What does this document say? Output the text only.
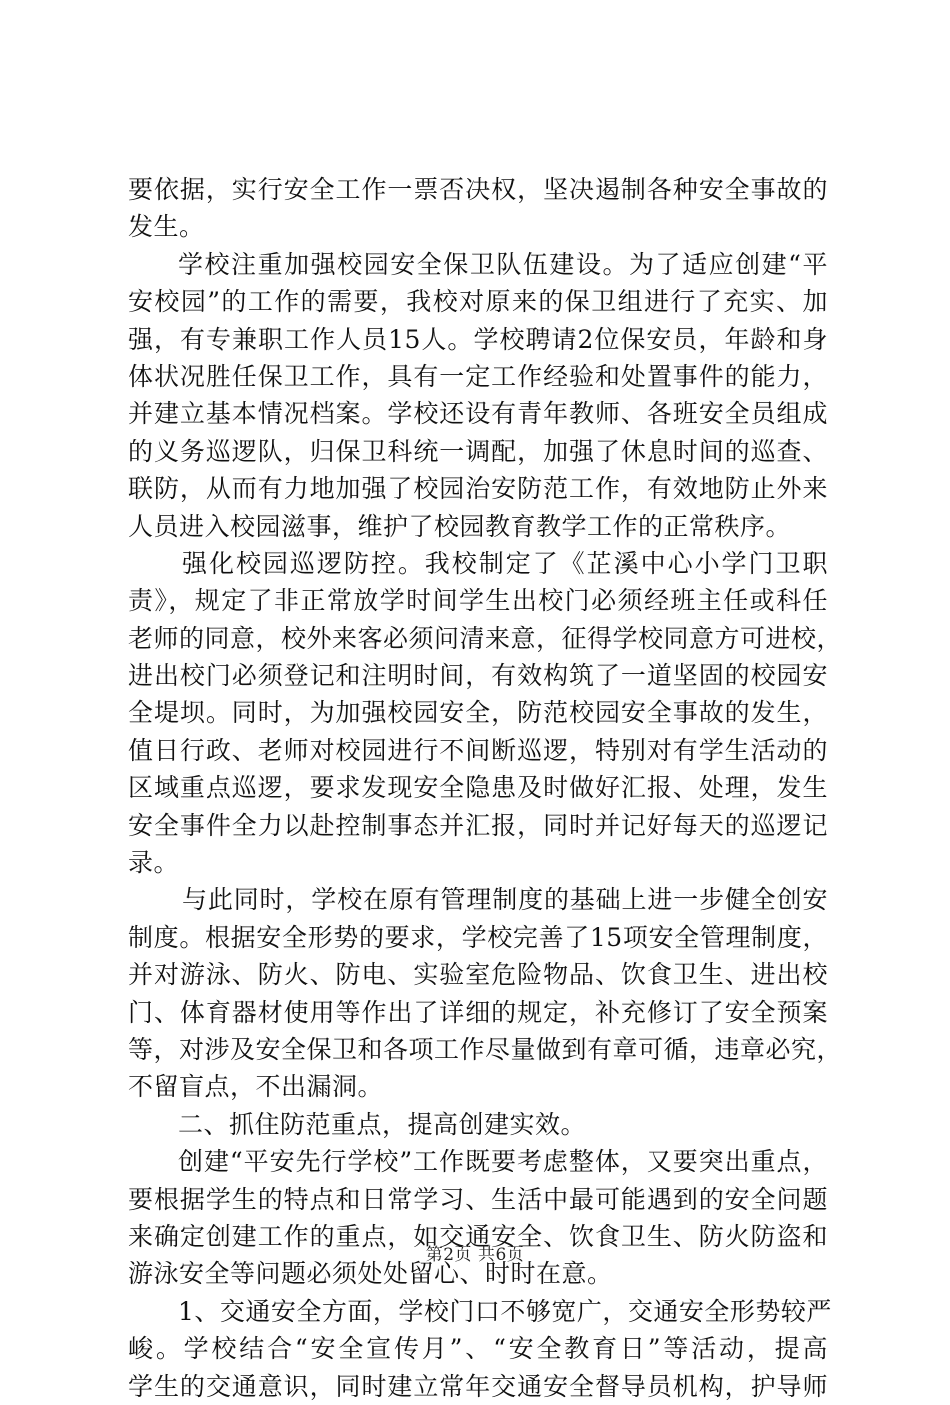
要依据，实行安全工作一票否决权，坚决遏制各种安全事故的
发生。
学校注重加强校园安全保卫队伍建设。为了适应创建“平
安校园”的工作的需要，我校对原来的保卫组进行了充实、加
强，有专兼职工作人员15人。学校聘请2位保安员，年龄和身
体状况胜任保卫工作，具有一定工作经验和处置事件的能力，
并建立基本情况档案。学校还设有青年教师、各班安全员组成
的义务巡逻队，归保卫科统一调配，加强了休息时间的巡查、
联防，从而有力地加强了校园治安防范工作，有效地防止外来
人员进入校园滋事，维护了校园教育教学工作的正常秩序。
强化校园巡逻防控。我校制定了《芷溪中心小学门卫职
责》，规定了非正常放学时间学生出校门必须经班主任或科任
老师的同意，校外来客必须问清来意，征得学校同意方可进校，
进出校门必须登记和注明时间，有效构筑了一道坚固的校园安
全堤坝。同时，为加强校园安全，防范校园安全事故的发生，
值日行政、老师对校园进行不间断巡逻，特别对有学生活动的
区域重点巡逻，要求发现安全隐患及时做好汇报、处理，发生
安全事件全力以赴控制事态并汇报，同时并记好每天的巡逻记
录。
与此同时，学校在原有管理制度的基础上进一步健全创安
制度。根据安全形势的要求，学校完善了15项安全管理制度，
并对游泳、防火、防电、实验室危险物品、饮食卫生、进出校
门、体育器材使用等作出了详细的规定，补充修订了安全预案
等，对涉及安全保卫和各项工作尽量做到有章可循，违章必究，
不留盲点，不出漏洞。
二、抓住防范重点，提高创建实效。
创建“平安先行学校”工作既要考虑整体，又要突出重点，
要根据学生的特点和日常学习、生活中最可能遇到的安全问题
来确定创建工作的重点，如交通安全、饮食卫生、防火防盗和
游泳安全等问题必须处处留心、时时在意。
1、交通安全方面，学校门口不够宽广，交通安全形势较严
峻。学校结合“安全宣传月”、“安全教育日”等活动，提高
学生的交通意识，同时建立常年交通安全督导员机构，护导师
第2页 共6页
